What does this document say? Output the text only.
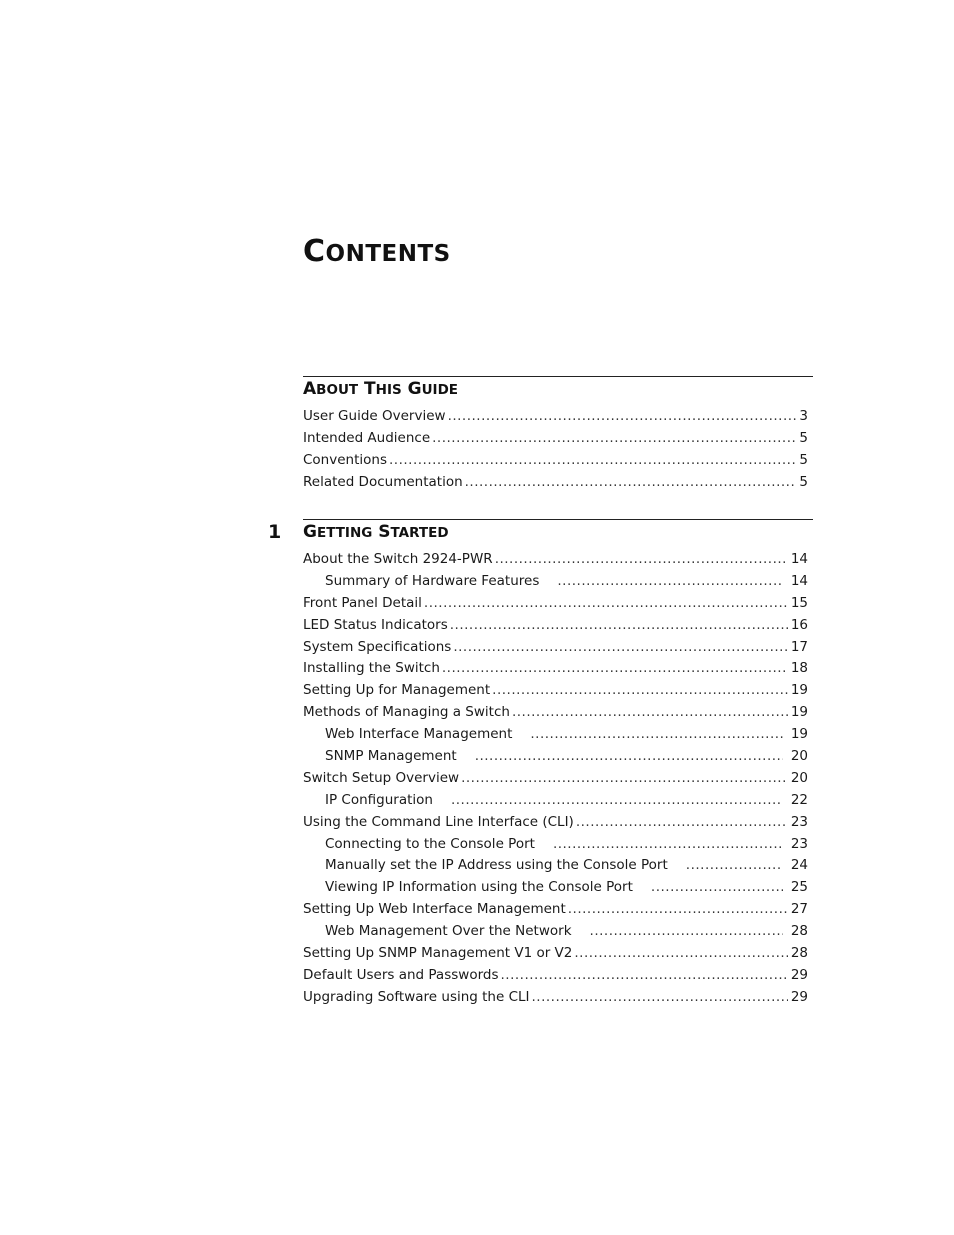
CONTENTS
ABOUT THIS GUIDE
User Guide Overview .....	3
Intended Audience .....	5
Conventions .....	5
Related Documentation .....	5
1 GETTING STARTED
About the Switch 2924-PWR .....	14
Summary of Hardware Features .....	14
Front Panel Detail .....	15
LED Status Indicators .....	16
System Specifications .....	17
Installing the Switch .....	18
Setting Up for Management .....	19
Methods of Managing a Switch .....	19
Web Interface Management .....	19
SNMP Management .....	20
Switch Setup Overview .....	20
IP Configuration .....	22
Using the Command Line Interface (CLI) .....	23
Connecting to the Console Port .....	23
Manually set the IP Address using the Console Port .....	24
Viewing IP Information using the Console Port .....	25
Setting Up Web Interface Management .....	27
Web Management Over the Network .....	28
Setting Up SNMP Management V1 or V2 .....	28
Default Users and Passwords .....	29
Upgrading Software using the CLI .....	29
